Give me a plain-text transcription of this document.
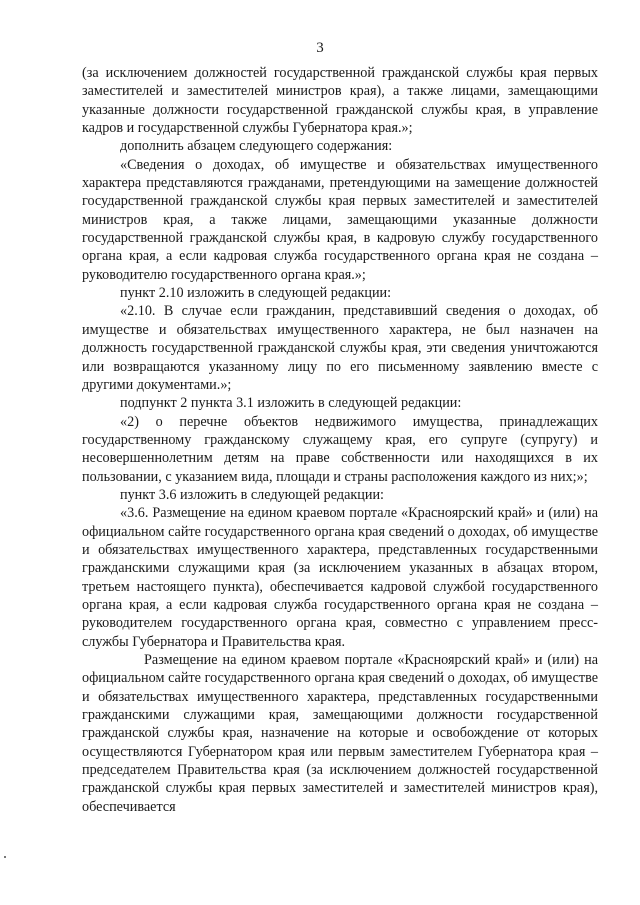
3

(за исключением должностей государственной гражданской службы края первых заместителей и заместителей министров края), а также лицами, замещающими указанные должности государственной гражданской службы края, в управление кадров и государственной службы Губернатора края.»;

дополнить абзацем следующего содержания:

«Сведения о доходах, об имуществе и обязательствах имущественного характера представляются гражданами, претендующими на замещение должностей государственной гражданской службы края первых заместителей и заместителей министров края, а также лицами, замещающими указанные должности государственной гражданской службы края, в кадровую службу государственного органа края, а если кадровая служба государственного органа края не создана – руководителю государственного органа края.»;

пункт 2.10 изложить в следующей редакции:

«2.10. В случае если гражданин, представивший сведения о доходах, об имуществе и обязательствах имущественного характера, не был назначен на должность государственной гражданской службы края, эти сведения уничтожаются или возвращаются указанному лицу по его письменному заявлению вместе с другими документами.»;

подпункт 2 пункта 3.1 изложить в следующей редакции:

«2) о перечне объектов недвижимого имущества, принадлежащих государственному гражданскому служащему края, его супруге (супругу) и несовершеннолетним детям на праве собственности или находящихся в их пользовании, с указанием вида, площади и страны расположения каждого из них;»;

пункт 3.6 изложить в следующей редакции:

«3.6. Размещение на едином краевом портале «Красноярский край» и (или) на официальном сайте государственного органа края сведений о доходах, об имуществе и обязательствах имущественного характера, представленных государственными гражданскими служащими края (за исключением указанных в абзацах втором, третьем настоящего пункта), обеспечивается кадровой службой государственного органа края, а если кадровая служба государственного органа края не создана – руководителем государственного органа края, совместно с управлением пресс-службы Губернатора и Правительства края.

Размещение на едином краевом портале «Красноярский край» и (или) на официальном сайте государственного органа края сведений о доходах, об имуществе и обязательствах имущественного характера, представленных государственными гражданскими служащими края, замещающими должности государственной гражданской службы края, назначение на которые и освобождение от которых осуществляются Губернатором края или первым заместителем Губернатора края – председателем Правительства края (за исключением должностей государственной гражданской службы края первых заместителей и заместителей министров края), обеспечивается
